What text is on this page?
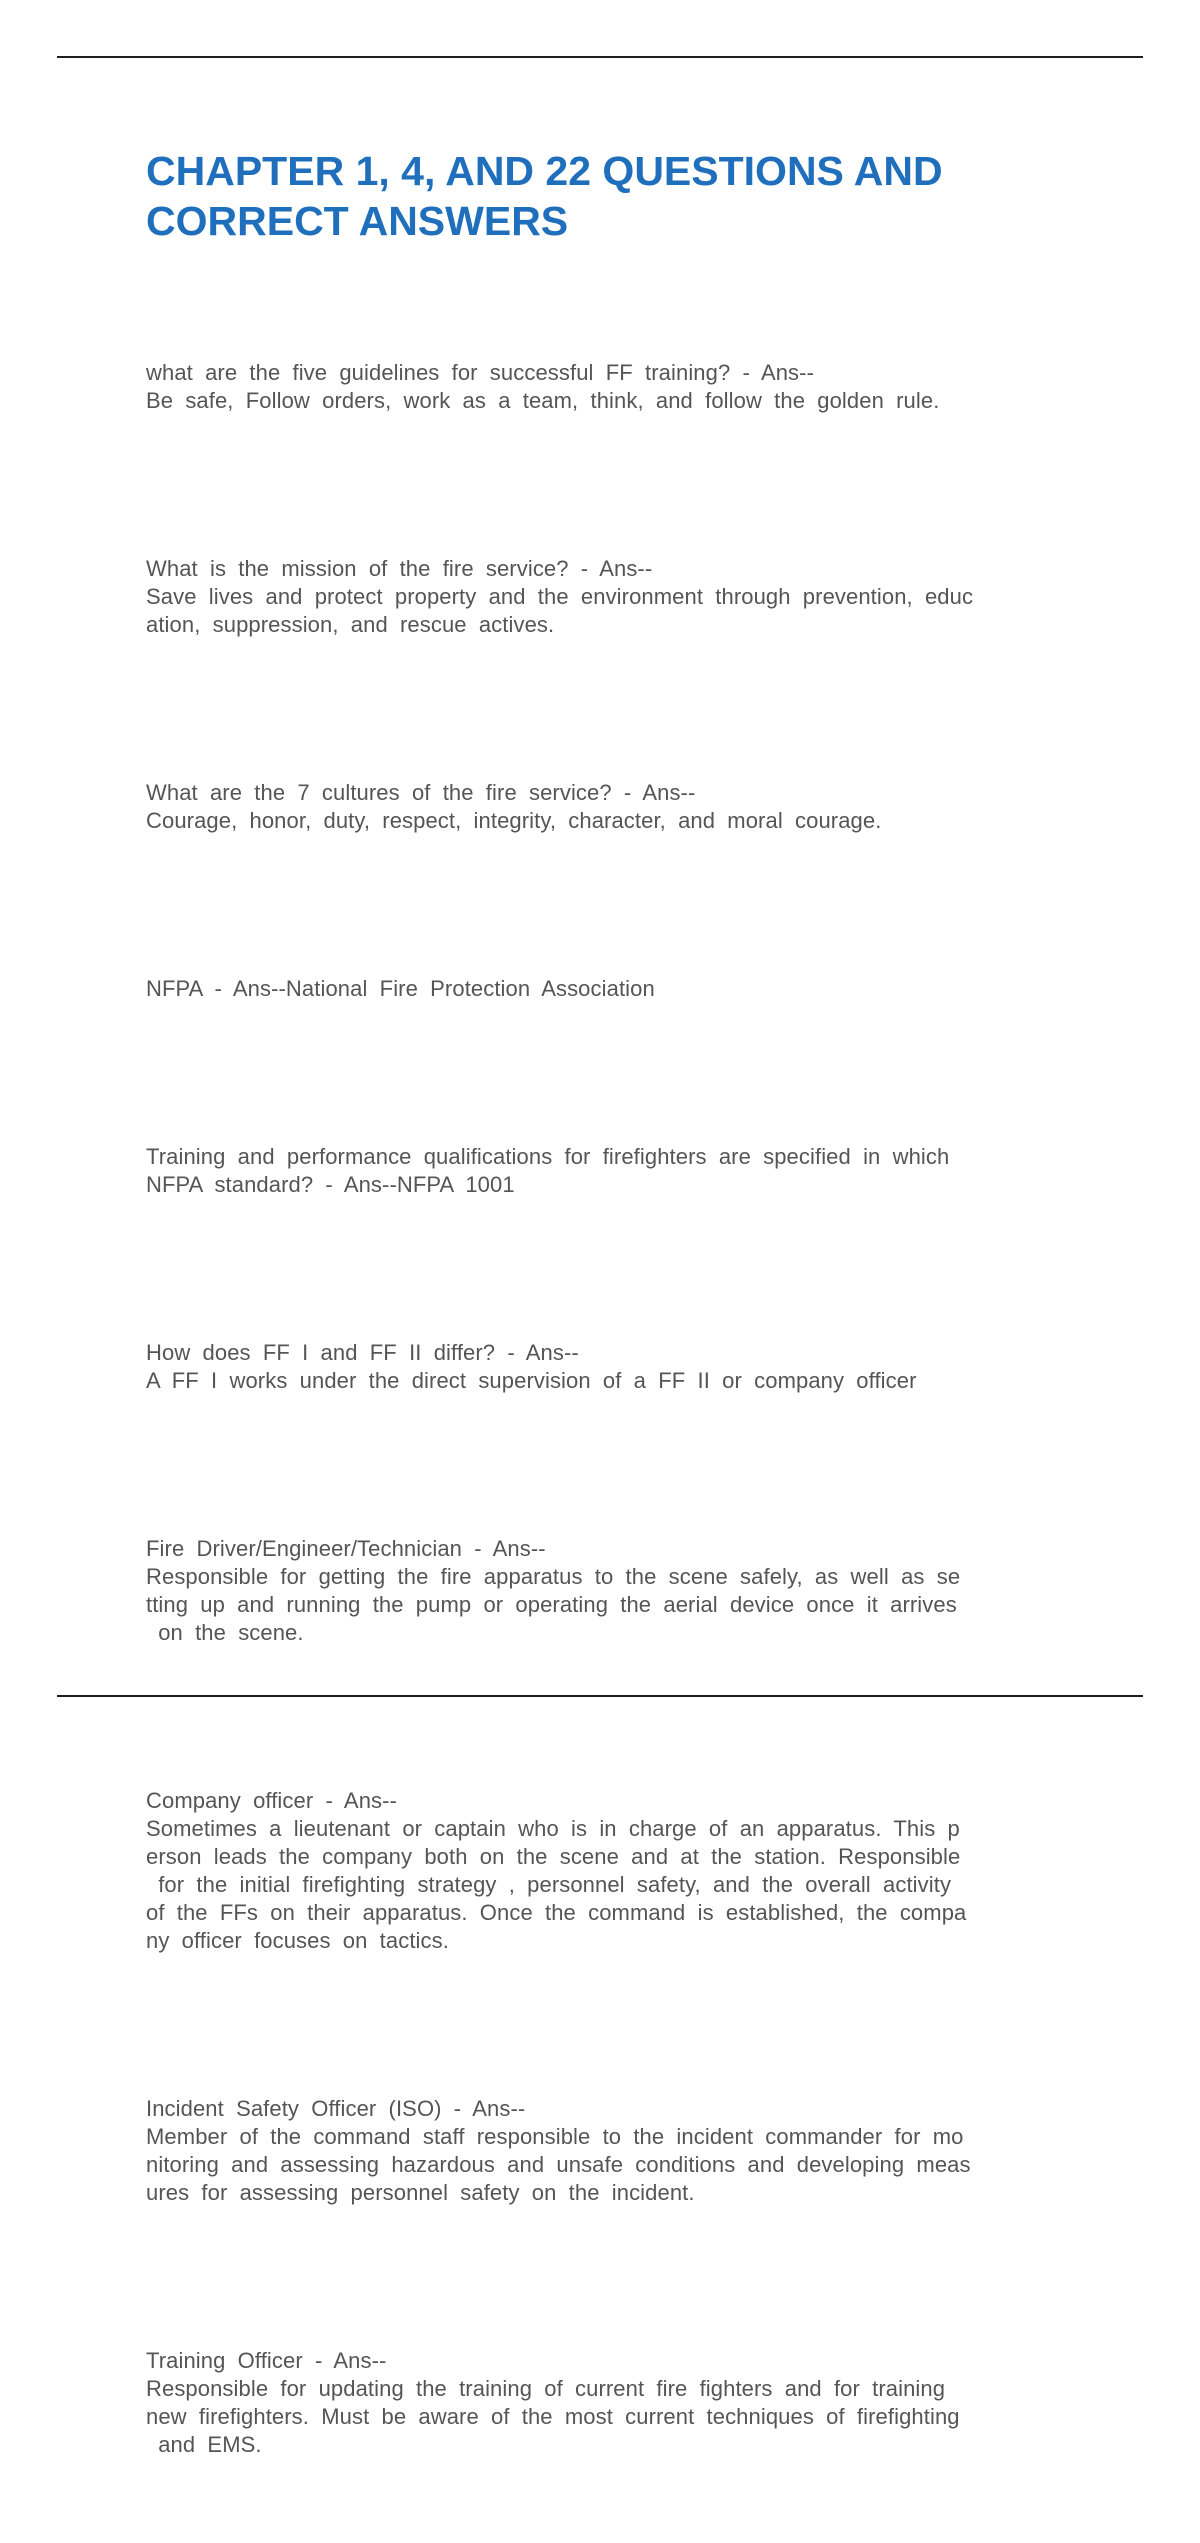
CHAPTER 1, 4, AND 22 QUESTIONS AND
CORRECT ANSWERS

what are the five guidelines for successful FF training? - Ans--
Be safe, Follow orders, work as a team, think, and follow the golden rule.

What is the mission of the fire service? - Ans--
Save lives and protect property and the environment through prevention, educ
ation, suppression, and rescue actives.

What are the 7 cultures of the fire service? - Ans--
Courage, honor, duty, respect, integrity, character, and moral courage.

NFPA - Ans--National Fire Protection Association

Training and performance qualifications for firefighters are specified in which
NFPA standard? - Ans--NFPA 1001

How does FF I and FF II differ? - Ans--
A FF I works under the direct supervision of a FF II or company officer

Fire Driver/Engineer/Technician - Ans--
Responsible for getting the fire apparatus to the scene safely, as well as se
tting up and running the pump or operating the aerial device once it arrives
on the scene.

Company officer - Ans--
Sometimes a lieutenant or captain who is in charge of an apparatus. This p
erson leads the company both on the scene and at the station. Responsible
for the initial firefighting strategy , personnel safety, and the overall activity
of the FFs on their apparatus. Once the command is established, the compa
ny officer focuses on tactics.

Incident Safety Officer (ISO) - Ans--
Member of the command staff responsible to the incident commander for mo
nitoring and assessing hazardous and unsafe conditions and developing meas
ures for assessing personnel safety on the incident.

Training Officer - Ans--
Responsible for updating the training of current fire fighters and for training
new firefighters. Must be aware of the most current techniques of firefighting
and EMS.
